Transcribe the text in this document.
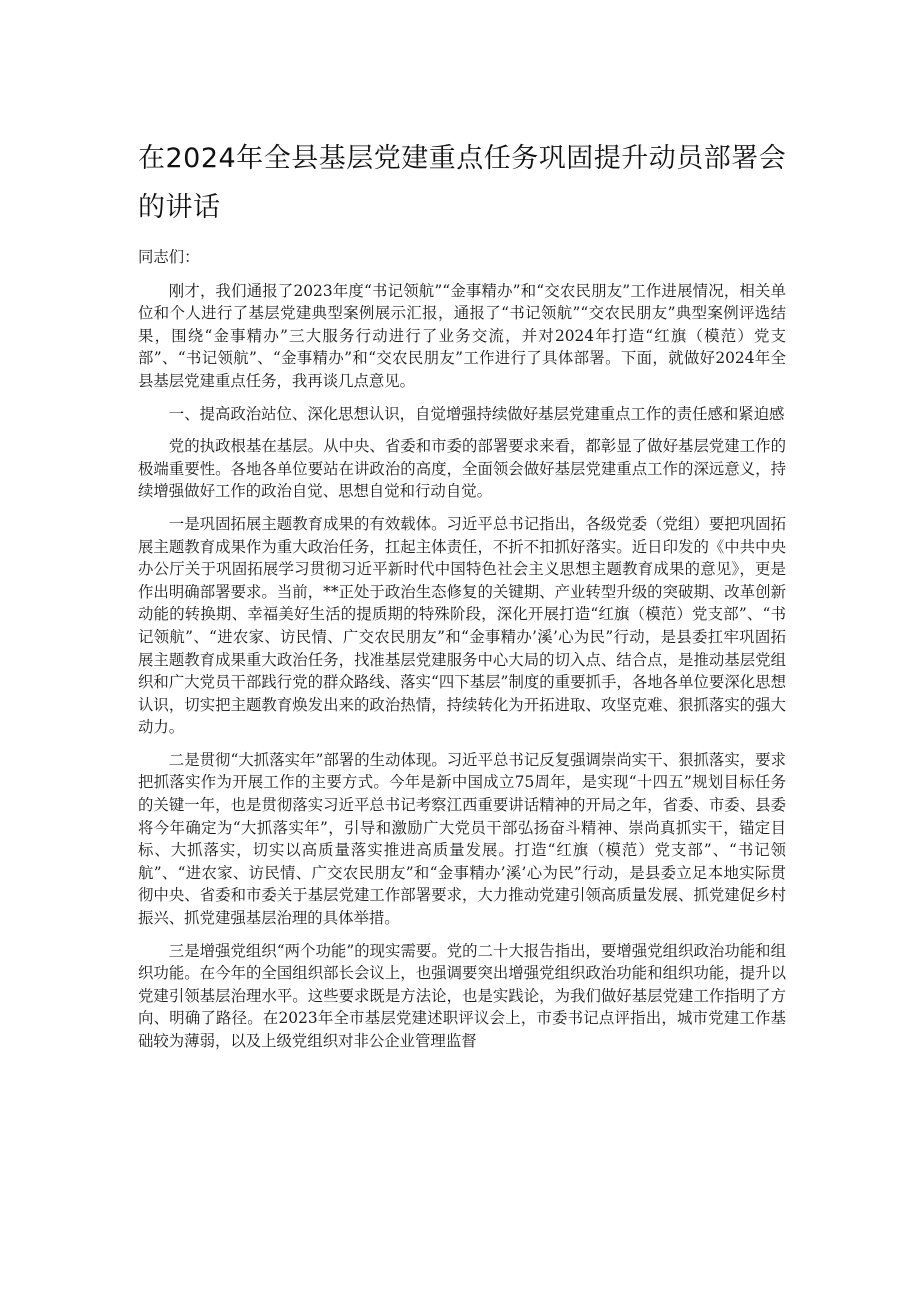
在2024年全县基层党建重点任务巩固提升动员部署会的讲话

同志们：

刚才，我们通报了2023年度“书记领航”“金事精办”和“交农民朋友”工作进展情况，相关单位和个人进行了基层党建典型案例展示汇报，通报了“书记领航”“交农民朋友”典型案例评选结果，围绕“金事精办”三大服务行动进行了业务交流，并对2024年打造“红旗（模范）党支部”、“书记领航”、“金事精办”和“交农民朋友”工作进行了具体部署。下面，就做好2024年全县基层党建重点任务，我再谈几点意见。

一、提高政治站位、深化思想认识，自觉增强持续做好基层党建重点工作的责任感和紧迫感

党的执政根基在基层。从中央、省委和市委的部署要求来看，都彰显了做好基层党建工作的极端重要性。各地各单位要站在讲政治的高度，全面领会做好基层党建重点工作的深远意义，持续增强做好工作的政治自觉、思想自觉和行动自觉。

一是巩固拓展主题教育成果的有效载体。习近平总书记指出，各级党委（党组）要把巩固拓展主题教育成果作为重大政治任务，扛起主体责任，不折不扣抓好落实。近日印发的《中共中央办公厅关于巩固拓展学习贯彻习近平新时代中国特色社会主义思想主题教育成果的意见》，更是作出明确部署要求。当前，**正处于政治生态修复的关键期、产业转型升级的突破期、改革创新动能的转换期、幸福美好生活的提质期的特殊阶段，深化开展打造“红旗（模范）党支部”、“书记领航”、“进农家、访民情、广交农民朋友”和“金事精办’溪’心为民”行动，是县委扛牢巩固拓展主题教育成果重大政治任务，找准基层党建服务中心大局的切入点、结合点，是推动基层党组织和广大党员干部践行党的群众路线、落实“四下基层”制度的重要抓手，各地各单位要深化思想认识，切实把主题教育焕发出来的政治热情，持续转化为开拓进取、攻坚克难、狠抓落实的强大动力。

二是贯彻“大抓落实年”部署的生动体现。习近平总书记反复强调崇尚实干、狠抓落实，要求把抓落实作为开展工作的主要方式。今年是新中国成立75周年，是实现“十四五”规划目标任务的关键一年，也是贯彻落实习近平总书记考察江西重要讲话精神的开局之年，省委、市委、县委将今年确定为“大抓落实年”，引导和激励广大党员干部弘扬奋斗精神、崇尚真抓实干，锚定目标、大抓落实，切实以高质量落实推进高质量发展。打造“红旗（模范）党支部”、“书记领航”、“进农家、访民情、广交农民朋友”和“金事精办’溪’心为民”行动，是县委立足本地实际贯彻中央、省委和市委关于基层党建工作部署要求，大力推动党建引领高质量发展、抓党建促乡村振兴、抓党建强基层治理的具体举措。

三是增强党组织“两个功能”的现实需要。党的二十大报告指出，要增强党组织政治功能和组织功能。在今年的全国组织部长会议上，也强调要突出增强党组织政治功能和组织功能，提升以党建引领基层治理水平。这些要求既是方法论，也是实践论，为我们做好基层党建工作指明了方向、明确了路径。在2023年全市基层党建述职评议会上，市委书记点评指出，城市党建工作基础较为薄弱，以及上级党组织对非公企业管理监督
